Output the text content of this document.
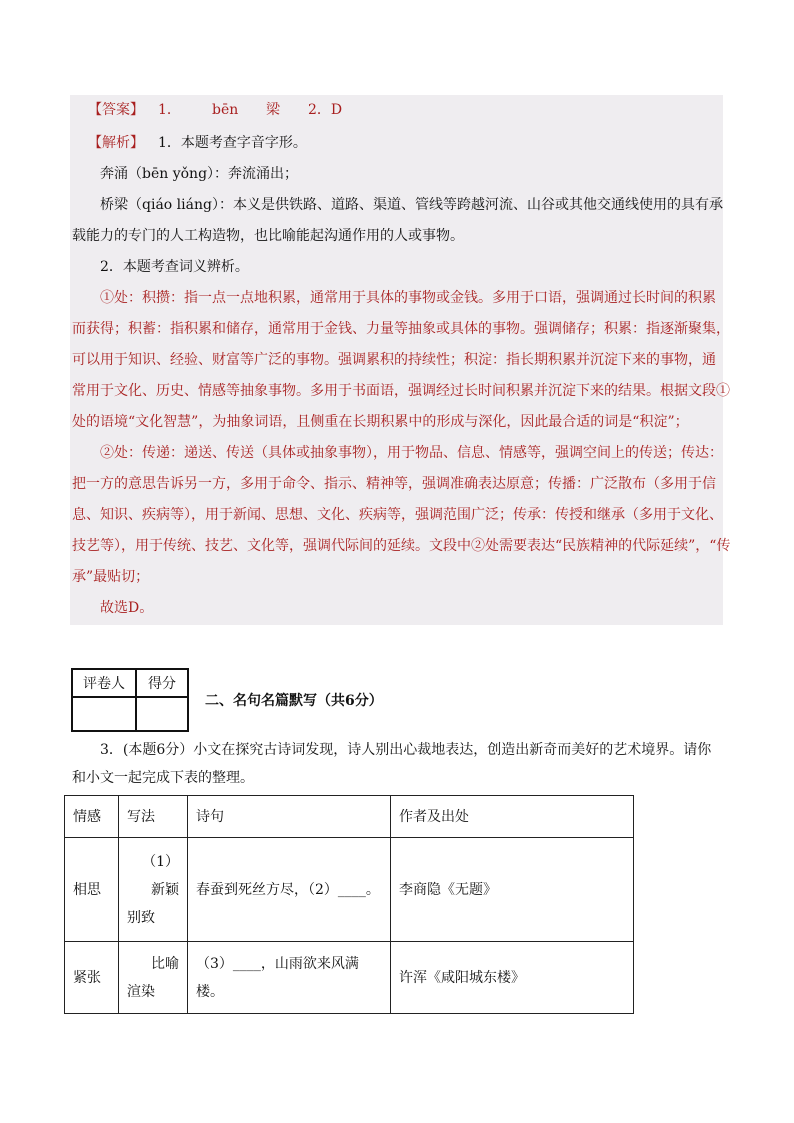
【答案】 1． bēn 梁 2．D
【解析】 1．本题考查字音字形。
奔涌（bēn yǒng）：奔流涌出；
桥梁（qiáo liáng）：本义是供铁路、道路、渠道、管线等跨越河流、山谷或其他交通线使用的具有承
载能力的专门的人工构造物，也比喻能起沟通作用的人或事物。
2．本题考查词义辨析。
①处：积攒：指一点一点地积累，通常用于具体的事物或金钱。多用于口语，强调通过长时间的积累
而获得；积蓄：指积累和储存，通常用于金钱、力量等抽象或具体的事物。强调储存；积累：指逐渐聚集，
可以用于知识、经验、财富等广泛的事物。强调累积的持续性；积淀：指长期积累并沉淀下来的事物，通
常用于文化、历史、情感等抽象事物。多用于书面语，强调经过长时间积累并沉淀下来的结果。根据文段①
处的语境“文化智慧”，为抽象词语，且侧重在长期积累中的形成与深化，因此最合适的词是“积淀”；
②处：传递：递送、传送（具体或抽象事物），用于物品、信息、情感等，强调空间上的传送；传达：
把一方的意思告诉另一方，多用于命令、指示、精神等，强调准确表达原意；传播：广泛散布（多用于信
息、知识、疾病等），用于新闻、思想、文化、疾病等，强调范围广泛；传承：传授和继承（多用于文化、
技艺等），用于传统、技艺、文化等，强调代际间的延续。文段中②处需要表达“民族精神的代际延续”，“传
承”最贴切；
故选D。
评卷人	得分

二、名句名篇默写（共6分）
3．(本题6分）小文在探究古诗词发现，诗人别出心裁地表达，创造出新奇而美好的艺术境界。请你
和小文一起完成下表的整理。
情感	写法	诗句	作者及出处
相思	（1）
新颖
别致	春蚕到死丝方尽，（2）____。	李商隐《无题》
紧张	比喻
渲染	（3）____，山雨欲来风满楼。	许浑《咸阳城东楼》
